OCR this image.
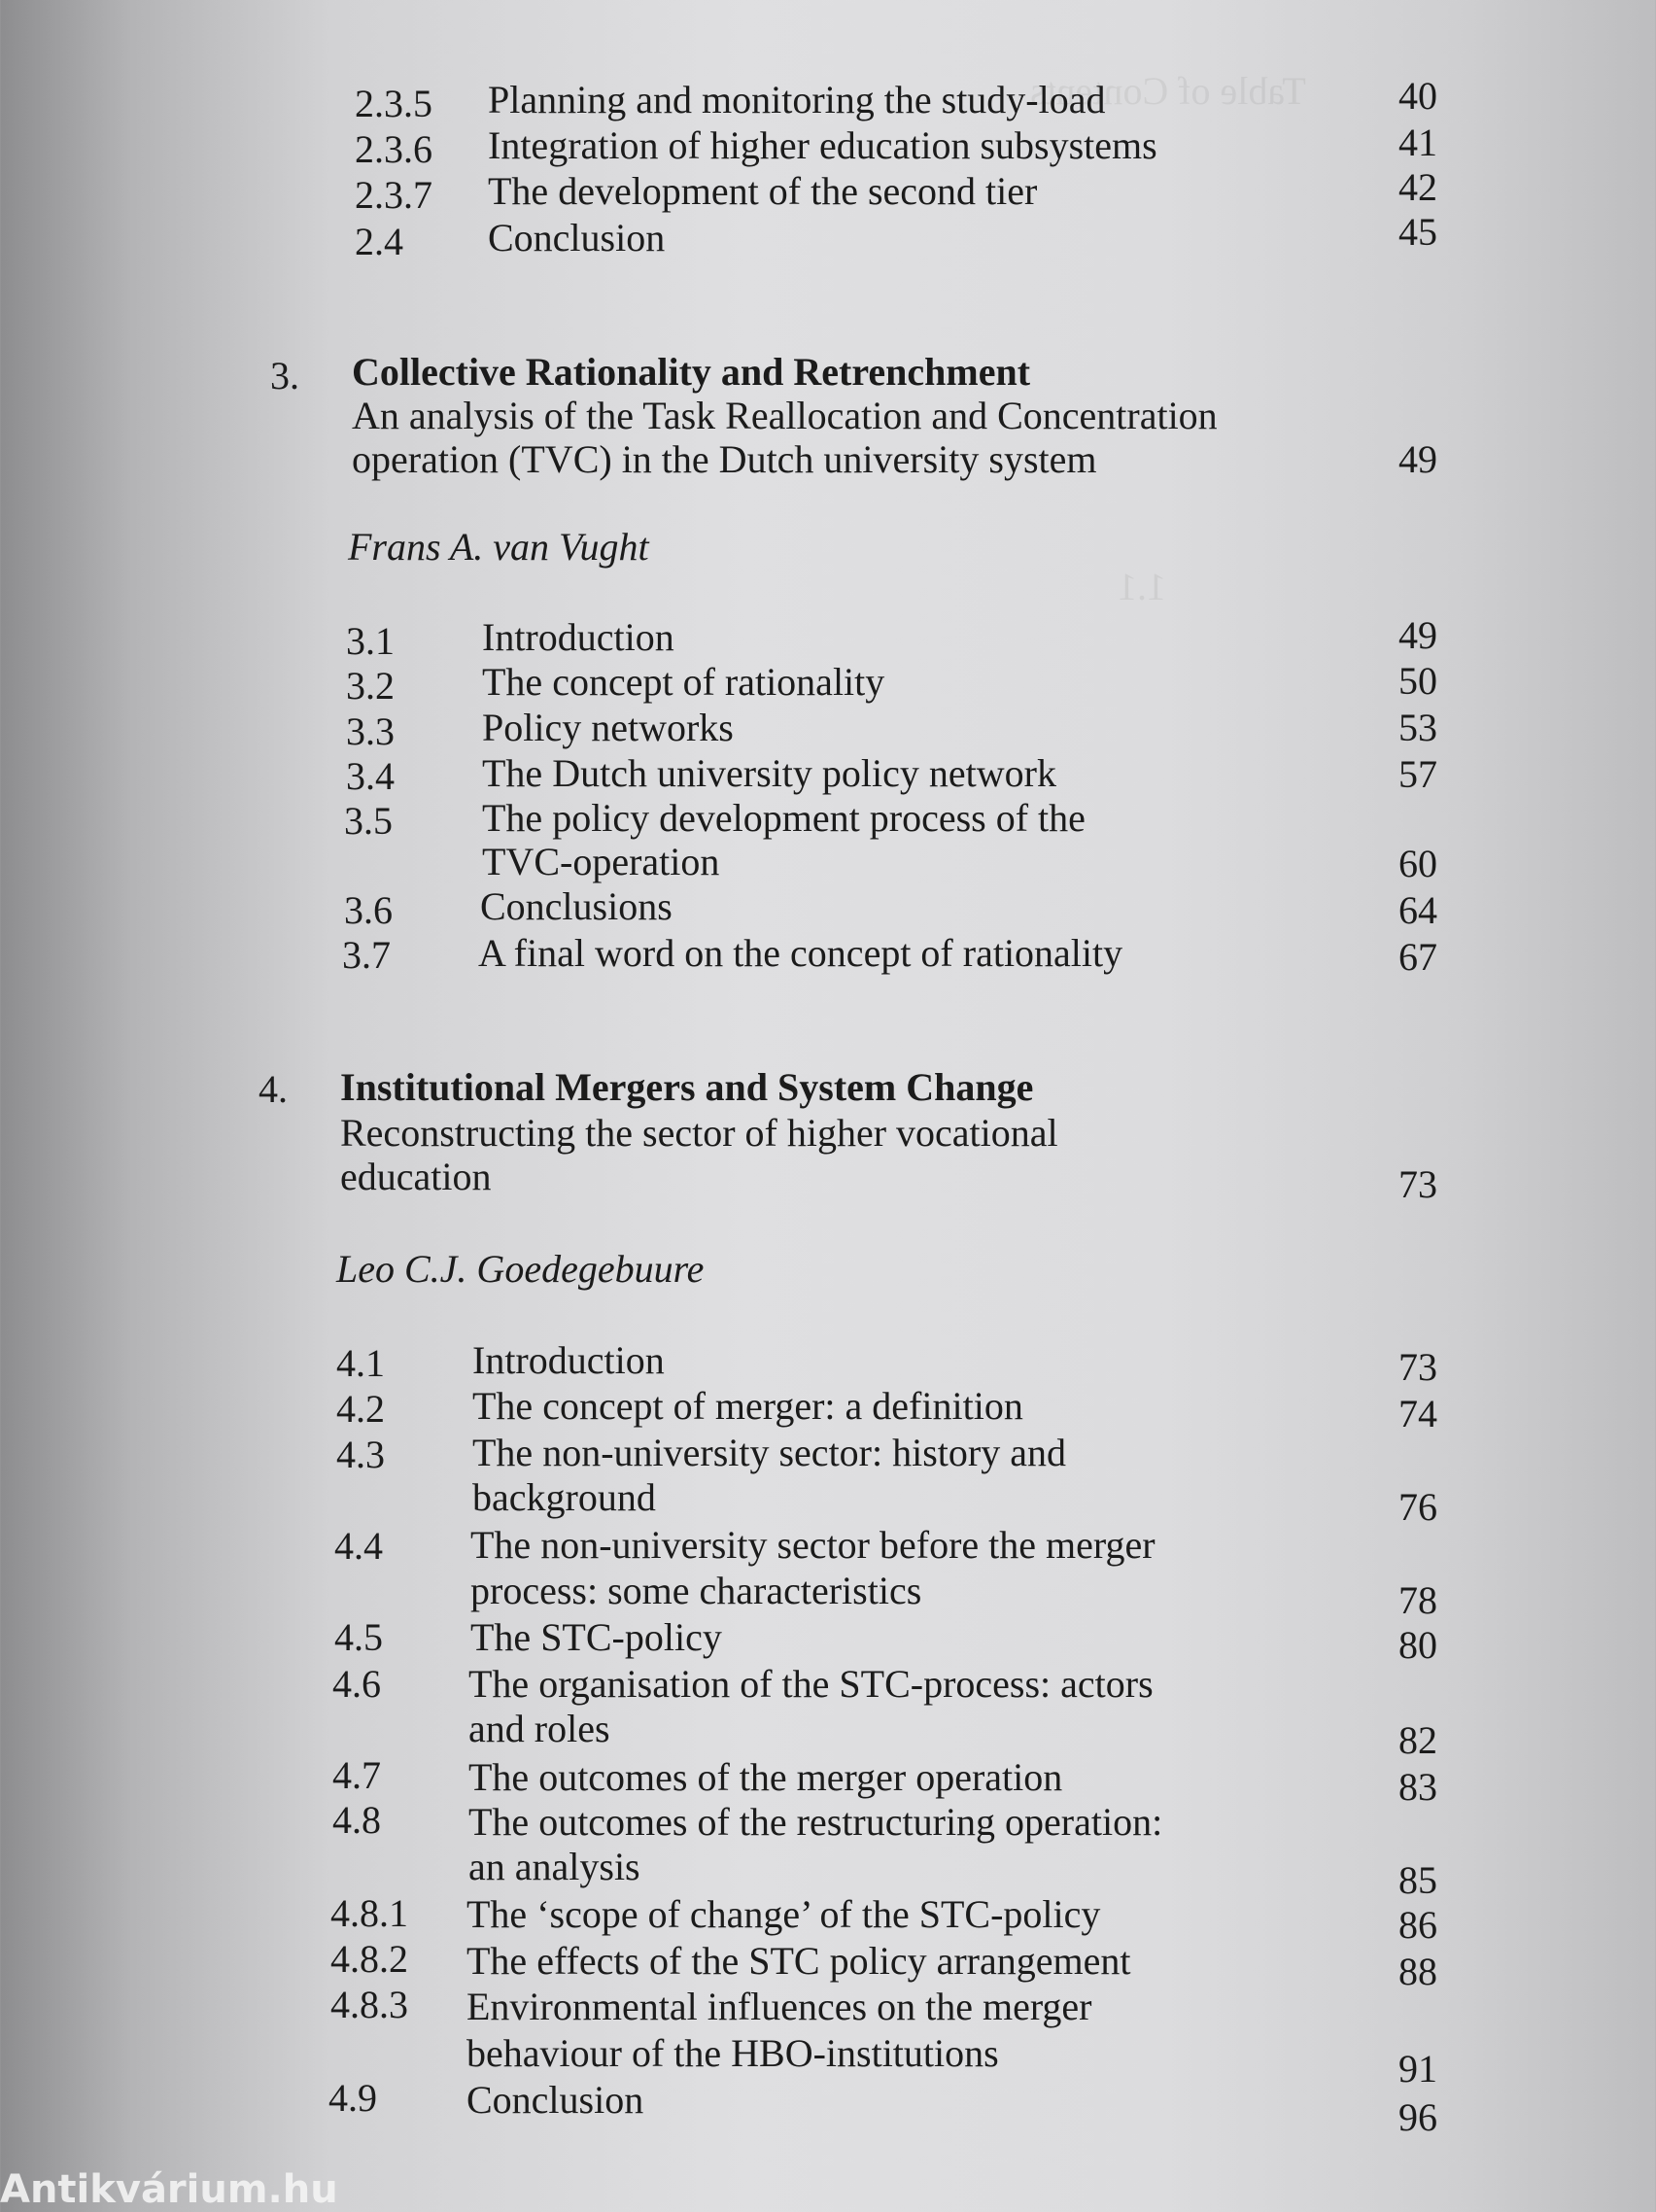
Table of Contents
1.1
2.3.5 Planning and monitoring the study-load	40
2.3.6 Integration of higher education subsystems	41
2.3.7 The development of the second tier	42
2.4 Conclusion	45
3. Collective Rationality and Retrenchment
An analysis of the Task Reallocation and Concentration
operation (TVC) in the Dutch university system	49
Frans A. van Vught
3.1 Introduction	49
3.2 The concept of rationality	50
3.3 Policy networks	53
3.4 The Dutch university policy network	57
3.5 The policy development process of the
TVC-operation	60
3.6 Conclusions	64
3.7 A final word on the concept of rationality	67
4. Institutional Mergers and System Change
Reconstructing the sector of higher vocational
education	73
Leo C.J. Goedegebuure
4.1 Introduction	73
4.2 The concept of merger: a definition	74
4.3 The non-university sector: history and
background	76
4.4 The non-university sector before the merger
process: some characteristics	78
4.5 The STC-policy	80
4.6 The organisation of the STC-process: actors
and roles	82
4.7 The outcomes of the merger operation	83
4.8 The outcomes of the restructuring operation:
an analysis	85
4.8.1 The ‘scope of change’ of the STC-policy	86
4.8.2 The effects of the STC policy arrangement	88
4.8.3 Environmental influences on the merger
behaviour of the HBO-institutions	91
4.9 Conclusion	96
Antikvárium.hu
